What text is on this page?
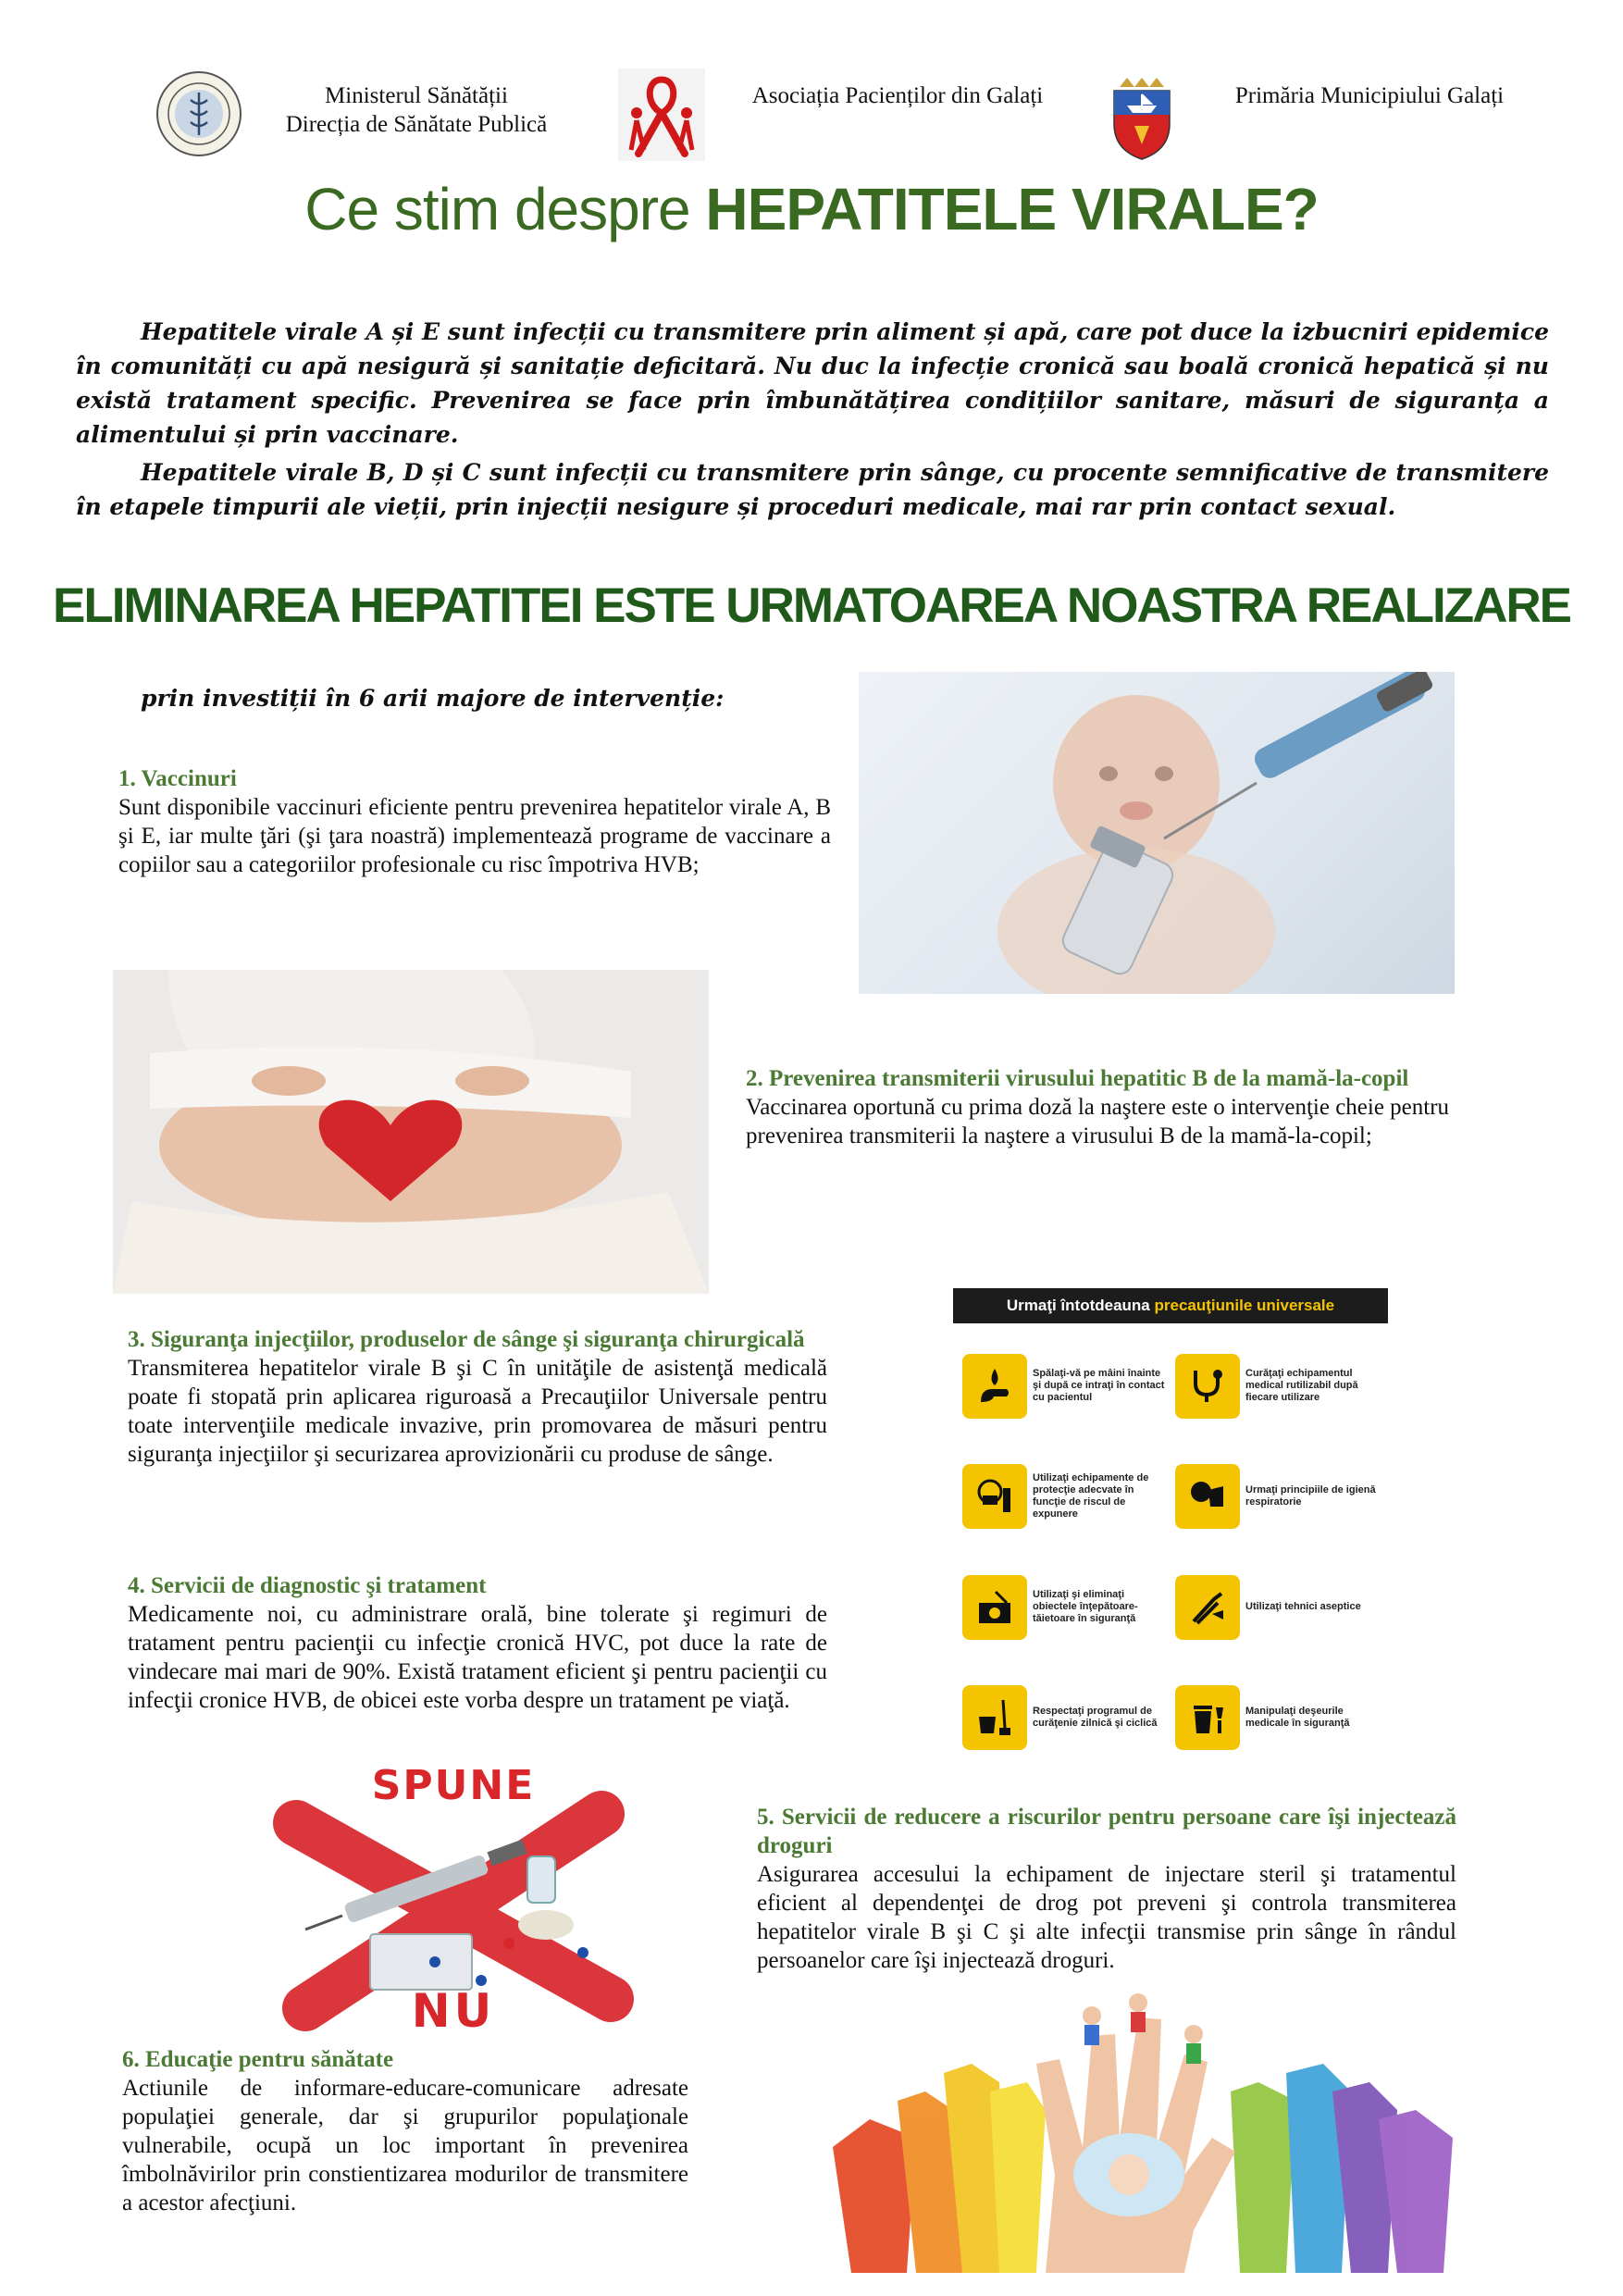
Ministerul Sănătății
Direcția de Sănătate Publică
Asociația Pacienților din Galați	Primăria Municipiului Galați
Ce stim despre HEPATITELE VIRALE?
Hepatitele virale A și E sunt infecții cu transmitere prin aliment și apă, care pot duce la izbucniri epidemice în comunități cu apă nesigură și sanitație deficitară. Nu duc la infecție cronică sau boală cronică hepatică și nu există tratament specific. Prevenirea se face prin îmbunătățirea condițiilor sanitare, măsuri de siguranța a alimentului și prin vaccinare.
Hepatitele virale B, D și C sunt infecții cu transmitere prin sânge, cu procente semnificative de transmitere în etapele timpurii ale vieții, prin injecții nesigure și proceduri medicale, mai rar prin contact sexual.
ELIMINAREA HEPATITEI ESTE URMATOAREA NOASTRA REALIZARE
prin investiții în 6 arii majore de intervenție:
1. Vaccinuri
Sunt disponibile vaccinuri eficiente pentru prevenirea hepatitelor virale A, B şi E, iar multe ţări (şi ţara noastră) implementează programe de vaccinare a copiilor sau a categoriilor profesionale cu risc împotriva HVB;
2. Prevenirea transmiterii virusului hepatitic B de la mamă-la-copil
Vaccinarea oportună cu prima doză la naştere este o intervenţie cheie pentru prevenirea transmiterii la naştere a virusului B de la mamă-la-copil;
3. Siguranţa injecţiilor, produselor de sânge şi siguranţa chirurgicală
Transmiterea hepatitelor virale B şi C în unităţile de asistenţă medicală poate fi stopată prin aplicarea riguroasă a Precauţiilor Universale pentru toate intervenţiile medicale invazive, prin promovarea de măsuri pentru siguranţa injecţiilor şi securizarea aprovizionării cu produse de sânge.
4. Servicii de diagnostic şi tratament
Medicamente noi, cu administrare orală, bine tolerate şi regimuri de tratament pentru pacienţii cu infecţie cronică HVC, pot duce la rate de vindecare mai mari de 90%. Există tratament eficient şi pentru pacienţii cu infecţii cronice HVB, de obicei este vorba despre un tratament pe viaţă.
Urmaţi întotdeauna precauţiunile universale
Spălaţi-vă pe mâini înainte şi după ce intraţi în contact cu pacientul
Curăţaţi echipamentul medical rutilizabil după fiecare utilizare
Utilizaţi echipamente de protecţie adecvate în funcţie de riscul de expunere
Urmaţi principiile de igienă respiratorie
Utilizaţi şi eliminaţi obiectele înţepătoare-tăietoare în siguranţă
Utilizaţi tehnici aseptice
Respectaţi programul de curăţenie zilnică şi ciclică
Manipulaţi deşeurile medicale în siguranţă
SPUNE
NU
5. Servicii de reducere a riscurilor pentru persoane care îşi injectează droguri
Asigurarea accesului la echipament de injectare steril şi tratamentul eficient al dependenţei de drog pot preveni şi controla transmiterea hepatitelor virale B şi C şi alte infecţii transmise prin sânge în rândul persoanelor care îşi injectează droguri.
6. Educaţie pentru sănătate
Actiunile de informare-educare-comunicare adresate populaţiei generale, dar şi grupurilor populaţionale vulnerabile, ocupă un loc important în prevenirea îmbolnăvirilor prin constientizarea modurilor de transmitere a acestor afecţiuni.
